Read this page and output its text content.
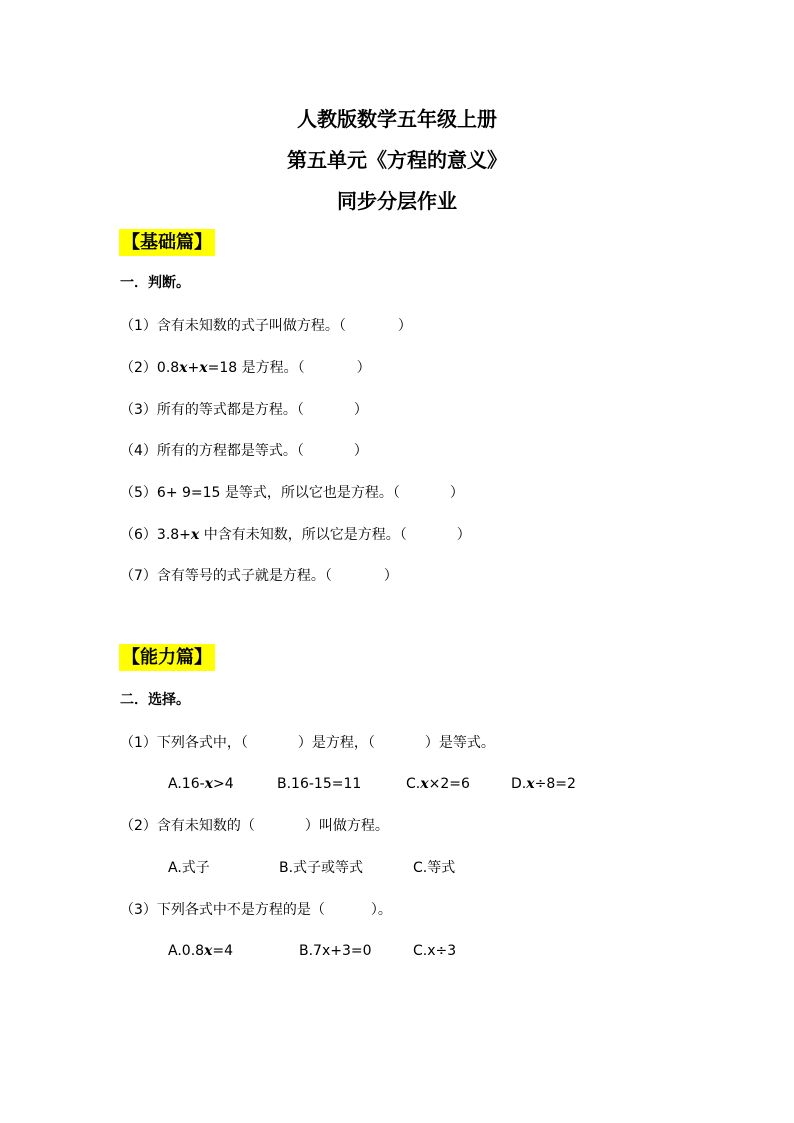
人教版数学五年级上册
第五单元《方程的意义》
同步分层作业
【基础篇】
一．判断。
（1）含有未知数的式子叫做方程。（	）
（2）0.8x+x=18 是方程。（	）
（3）所有的等式都是方程。（	）
（4）所有的方程都是等式。（	）
（5）6+ 9=15 是等式，所以它也是方程。（	）
（6）3.8+x 中含有未知数，所以它是方程。（	）
（7）含有等号的式子就是方程。（	）
【能力篇】
二．选择。
（1）下列各式中，（	）是方程，（	）是等式。
A.16-x>4	B.16-15=11	C.x×2=6	D.x÷8=2
（2）含有未知数的（	）叫做方程。
A.式子	B.式子或等式	C.等式
（3）下列各式中不是方程的是（	）。
A.0.8x=4	B.7x+3=0	C.x÷3
